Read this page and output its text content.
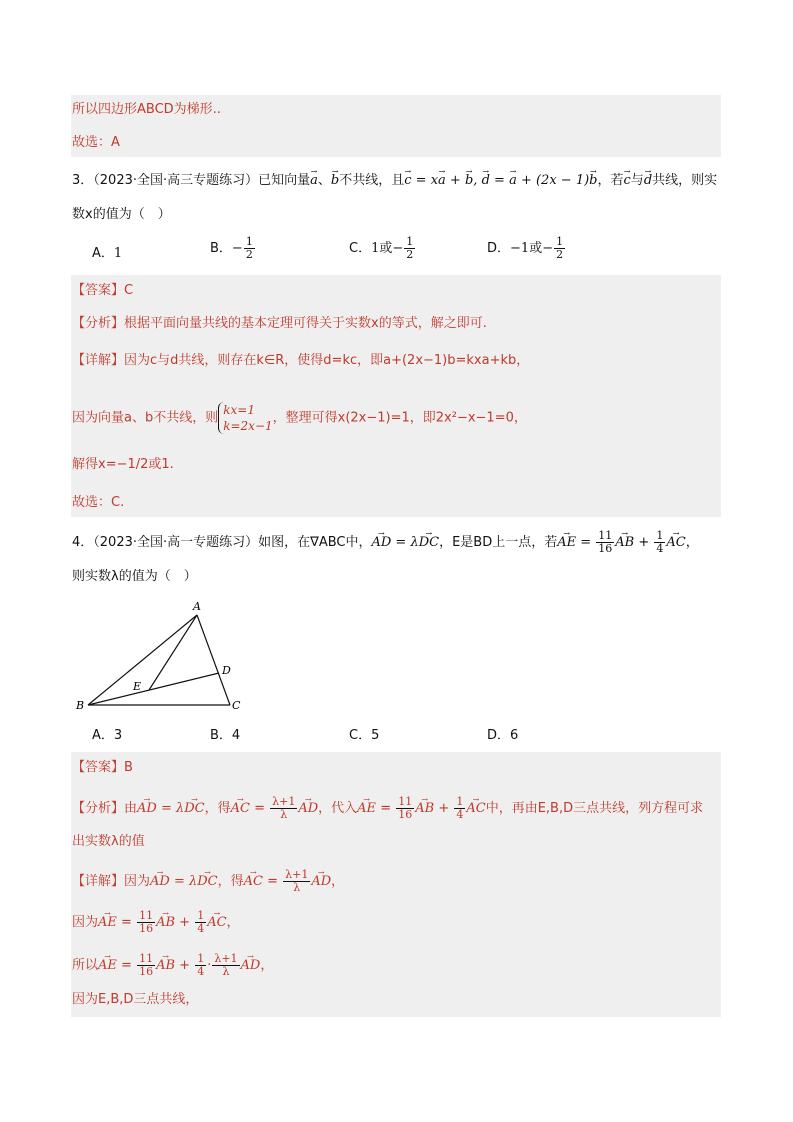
所以四边形ABCD为梯形..
故选：A
3．（2023·全国·高三专题练习）已知向量→ a、→ b不共线，且→ c = x→ a + → b, → d = → a + (2x − 1)→ b，若→ c与→ d共线，则实
数x的值为（　）
A．1	B．− $\frac{1}{2}$	C．1或− $\frac{1}{2}$	D．−1或− $\frac{1}{2}$
【答案】C
【分析】根据平面向量共线的基本定理可得关于实数x的等式，解之即可.
【详解】因为c与d共线，则存在k∈R，使得d=kc，即a+(2x−1)b=kxa+kb，
因为向量a、b不共线，则
kx=1
k=2x−1
，整理可得x(2x−1)=1，即2x²−x−1=0，
解得x=−1/2或1.
故选：C.
4．（2023·全国·高一专题练习）如图，在∇ABC中，→ AD = λ→ DC，E是BD上一点，若→ AE = $\frac{11}{16}$ → AB + $\frac{1}{4}$ → AC，
则实数λ的值为（　）
A
B	C
D
E
A．3	B．4	C．5	D．6
【答案】B
【分析】由→ AD = λ→ DC，得→ AC = $\frac{\lambda+1}{\lambda}$ → AD，代入→ AE = $\frac{11}{16}$ → AB + $\frac{1}{4}$ → AC中，再由E,B,D三点共线，列方程可求
出实数λ的值
【详解】因为→ AD = λ→ DC，得→ AC = $\frac{\lambda+1}{\lambda}$ → AD，
因为→ AE = $\frac{11}{16}$ → AB + $\frac{1}{4}$ → AC，
所以→ AE = $\frac{11}{16}$ → AB + $\frac{1}{4} \cdot \frac{\lambda+1}{\lambda}$ → AD，
因为E,B,D三点共线，
